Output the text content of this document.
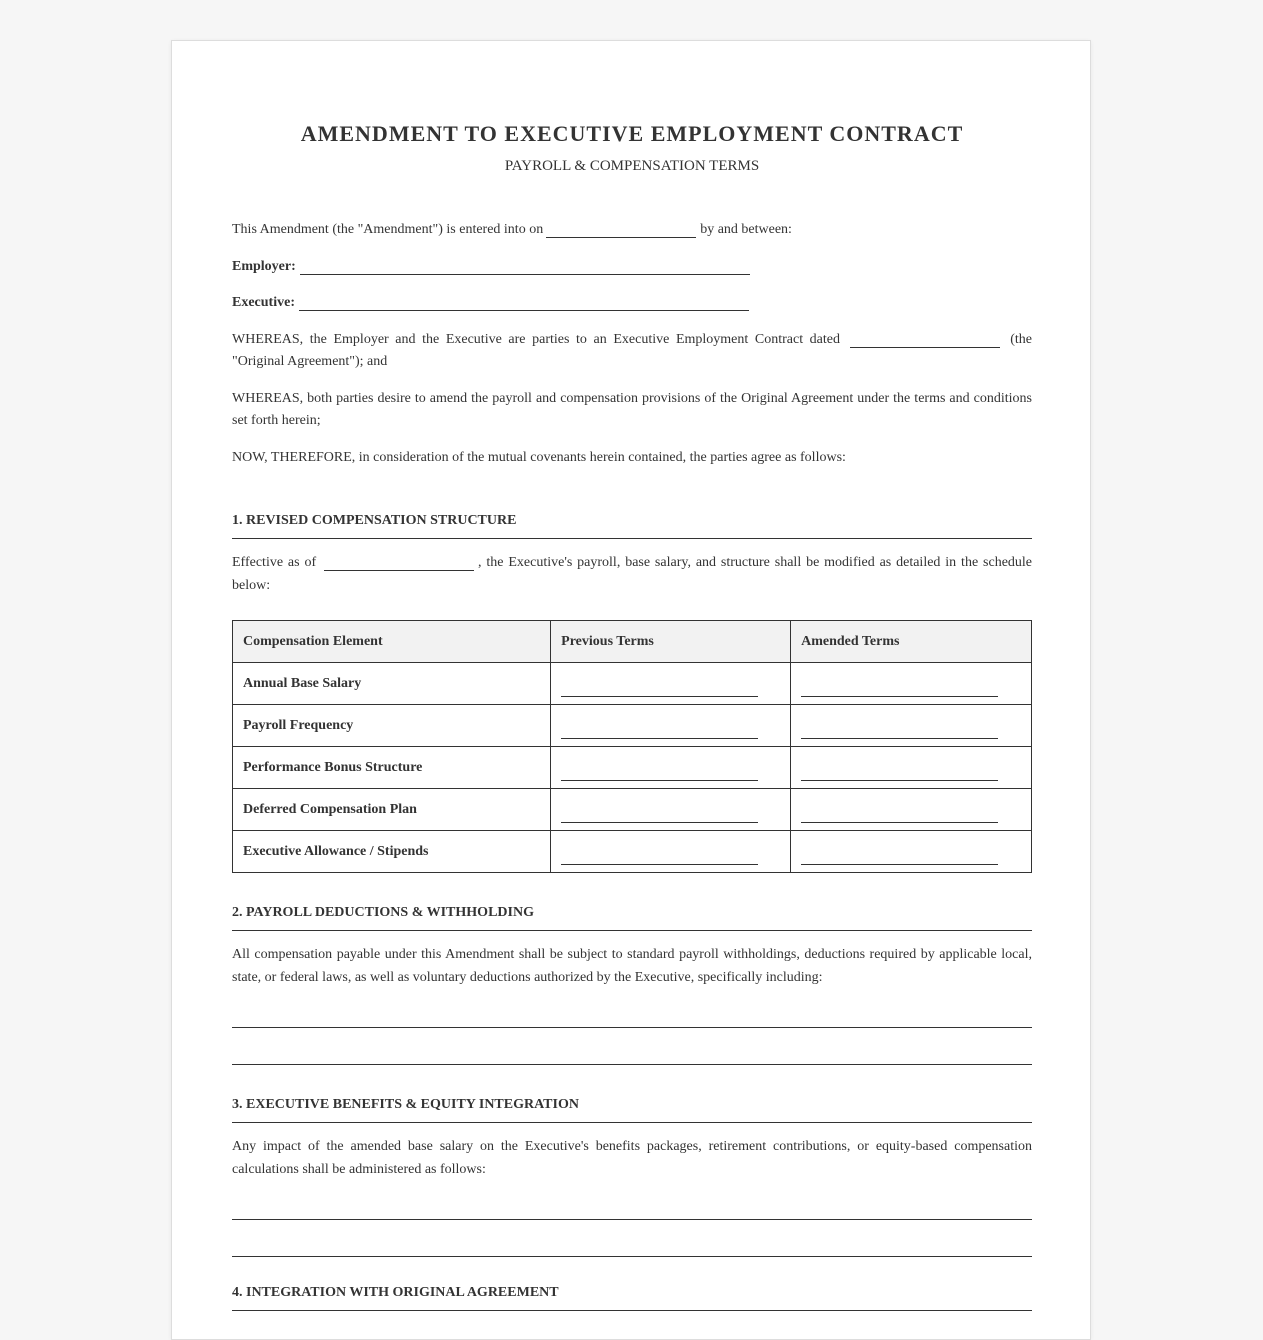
AMENDMENT TO EXECUTIVE EMPLOYMENT CONTRACT
PAYROLL & COMPENSATION TERMS

This Amendment (the "Amendment") is entered into on	by and between:

Employer:

Executive:

WHEREAS, the Employer and the Executive are parties to an Executive Employment Contract dated	(the "Original Agreement"); and

WHEREAS, both parties desire to amend the payroll and compensation provisions of the Original Agreement under the terms and conditions set forth herein;

NOW, THEREFORE, in consideration of the mutual covenants herein contained, the parties agree as follows:

1. REVISED COMPENSATION STRUCTURE

Effective as of	, the Executive's payroll, base salary, and structure shall be modified as detailed in the schedule below:

Compensation Element	Previous Terms	Amended Terms
Annual Base Salary	

Payroll Frequency	

Performance Bonus Structure	

Deferred Compensation Plan	

Executive Allowance / Stipends	

2. PAYROLL DEDUCTIONS & WITHHOLDING

All compensation payable under this Amendment shall be subject to standard payroll withholdings, deductions required by applicable local, state, or federal laws, as well as voluntary deductions authorized by the Executive, specifically including:

3. EXECUTIVE BENEFITS & EQUITY INTEGRATION

Any impact of the amended base salary on the Executive's benefits packages, retirement contributions, or equity-based compensation calculations shall be administered as follows:

4. INTEGRATION WITH ORIGINAL AGREEMENT
